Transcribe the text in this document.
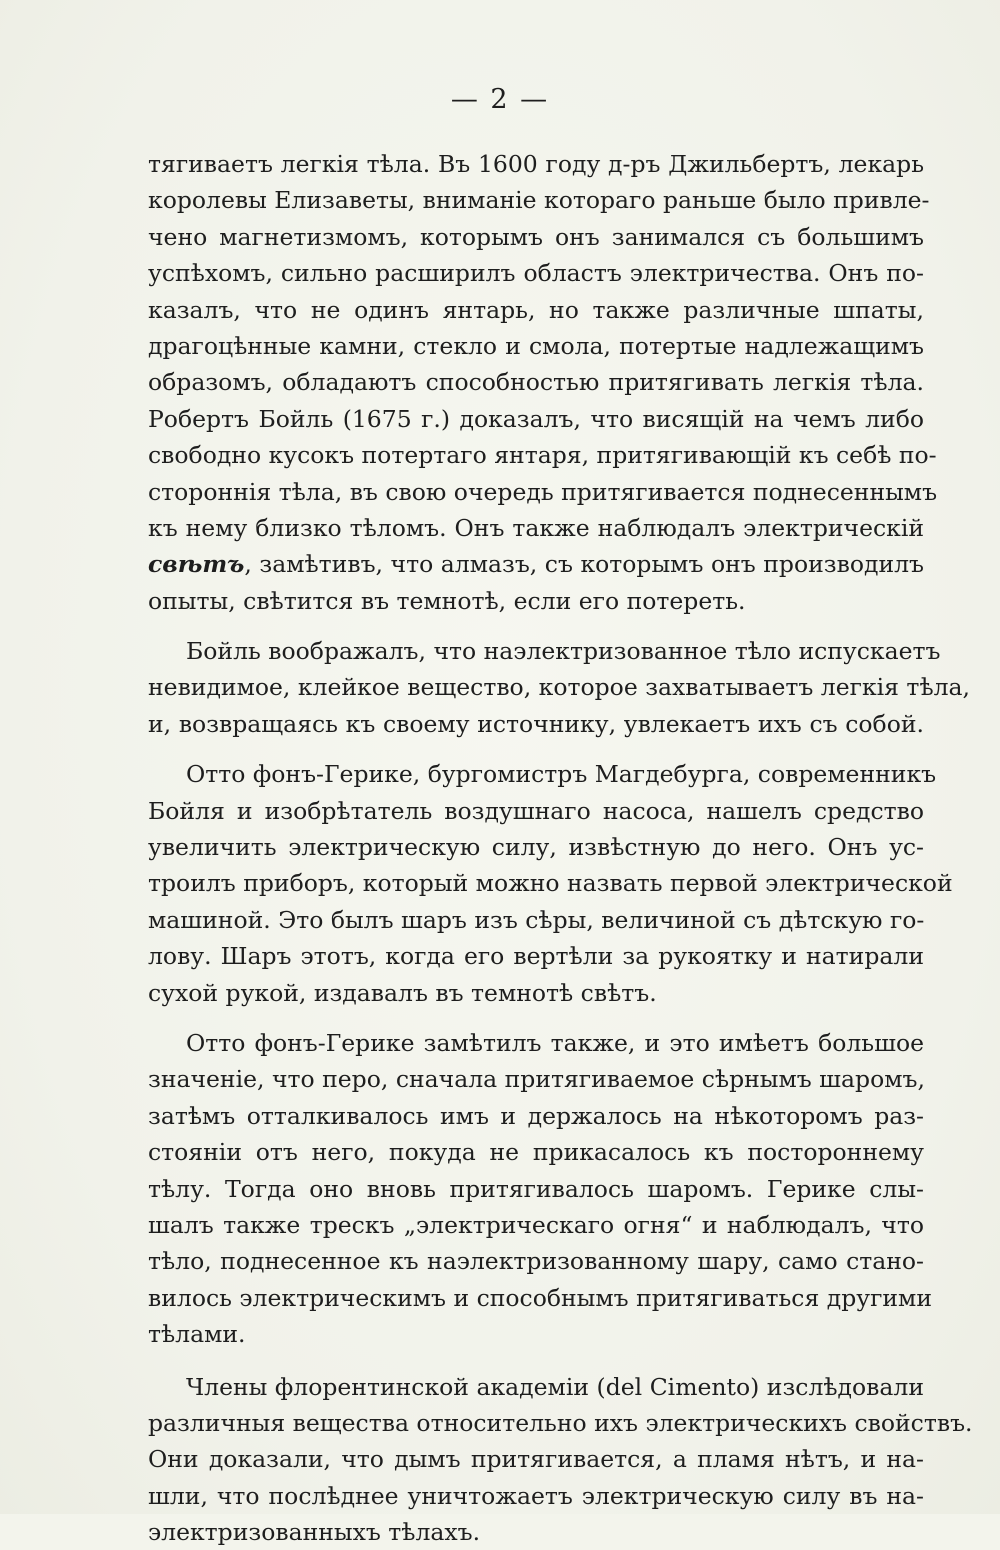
— 2 —
тягиваетъ легкія тѣла. Въ 1600 году д-ръ Джильбертъ, лекарь
королевы Елизаветы, вниманіе котораго раньше было привле-
чено магнетизмомъ, которымъ онъ занимался съ большимъ
успѣхомъ, сильно расширилъ областъ электричества. Онъ по-
казалъ, что не одинъ янтарь, но также различные шпаты,
драгоцѣнные камни, стекло и смола, потертые надлежащимъ
образомъ, обладаютъ способностью притягивать легкія тѣла.
Робертъ Бойль (1675 г.) доказалъ, что висящій на чемъ либо
свободно кусокъ потертаго янтаря, притягивающій къ себѣ по-
стороннія тѣла, въ свою очередь притягивается поднесеннымъ
къ нему близко тѣломъ. Онъ также наблюдалъ электрическій
свѣтъ, замѣтивъ, что алмазъ, съ которымъ онъ производилъ
опыты, свѣтится въ темнотѣ, если его потереть.
Бойль воображалъ, что наэлектризованное тѣло испускаетъ
невидимое, клейкое вещество, которое захватываетъ легкія тѣла,
и, возвращаясь къ своему источнику, увлекаетъ ихъ съ собой.
Отто фонъ-Герике, бургомистръ Магдебурга, современникъ
Бойля и изобрѣтатель воздушнаго насоса, нашелъ средство
увеличить электрическую силу, извѣстную до него. Онъ ус-
троилъ приборъ, который можно назвать первой электрической
машиной. Это былъ шаръ изъ сѣры, величиной съ дѣтскую го-
лову. Шаръ этотъ, когда его вертѣли за рукоятку и натирали
сухой рукой, издавалъ въ темнотѣ свѣтъ.
Отто фонъ-Герике замѣтилъ также, и это имѣетъ большое
значеніе, что перо, сначала притягиваемое сѣрнымъ шаромъ,
затѣмъ отталкивалось имъ и держалось на нѣкоторомъ раз-
стояніи отъ него, покуда не прикасалось къ постороннему
тѣлу. Тогда оно вновь притягивалось шаромъ. Герике слы-
шалъ также трескъ „электрическаго огня“ и наблюдалъ, что
тѣло, поднесенное къ наэлектризованному шару, само стано-
вилось электрическимъ и способнымъ притягиваться другими
тѣлами.
Члены флорентинской академіи (del Cimento) изслѣдовали
различныя вещества относительно ихъ электрическихъ свойствъ.
Они доказали, что дымъ притягивается, а пламя нѣтъ, и на-
шли, что послѣднее уничтожаетъ электрическую силу въ на-
электризованныхъ тѣлахъ.
